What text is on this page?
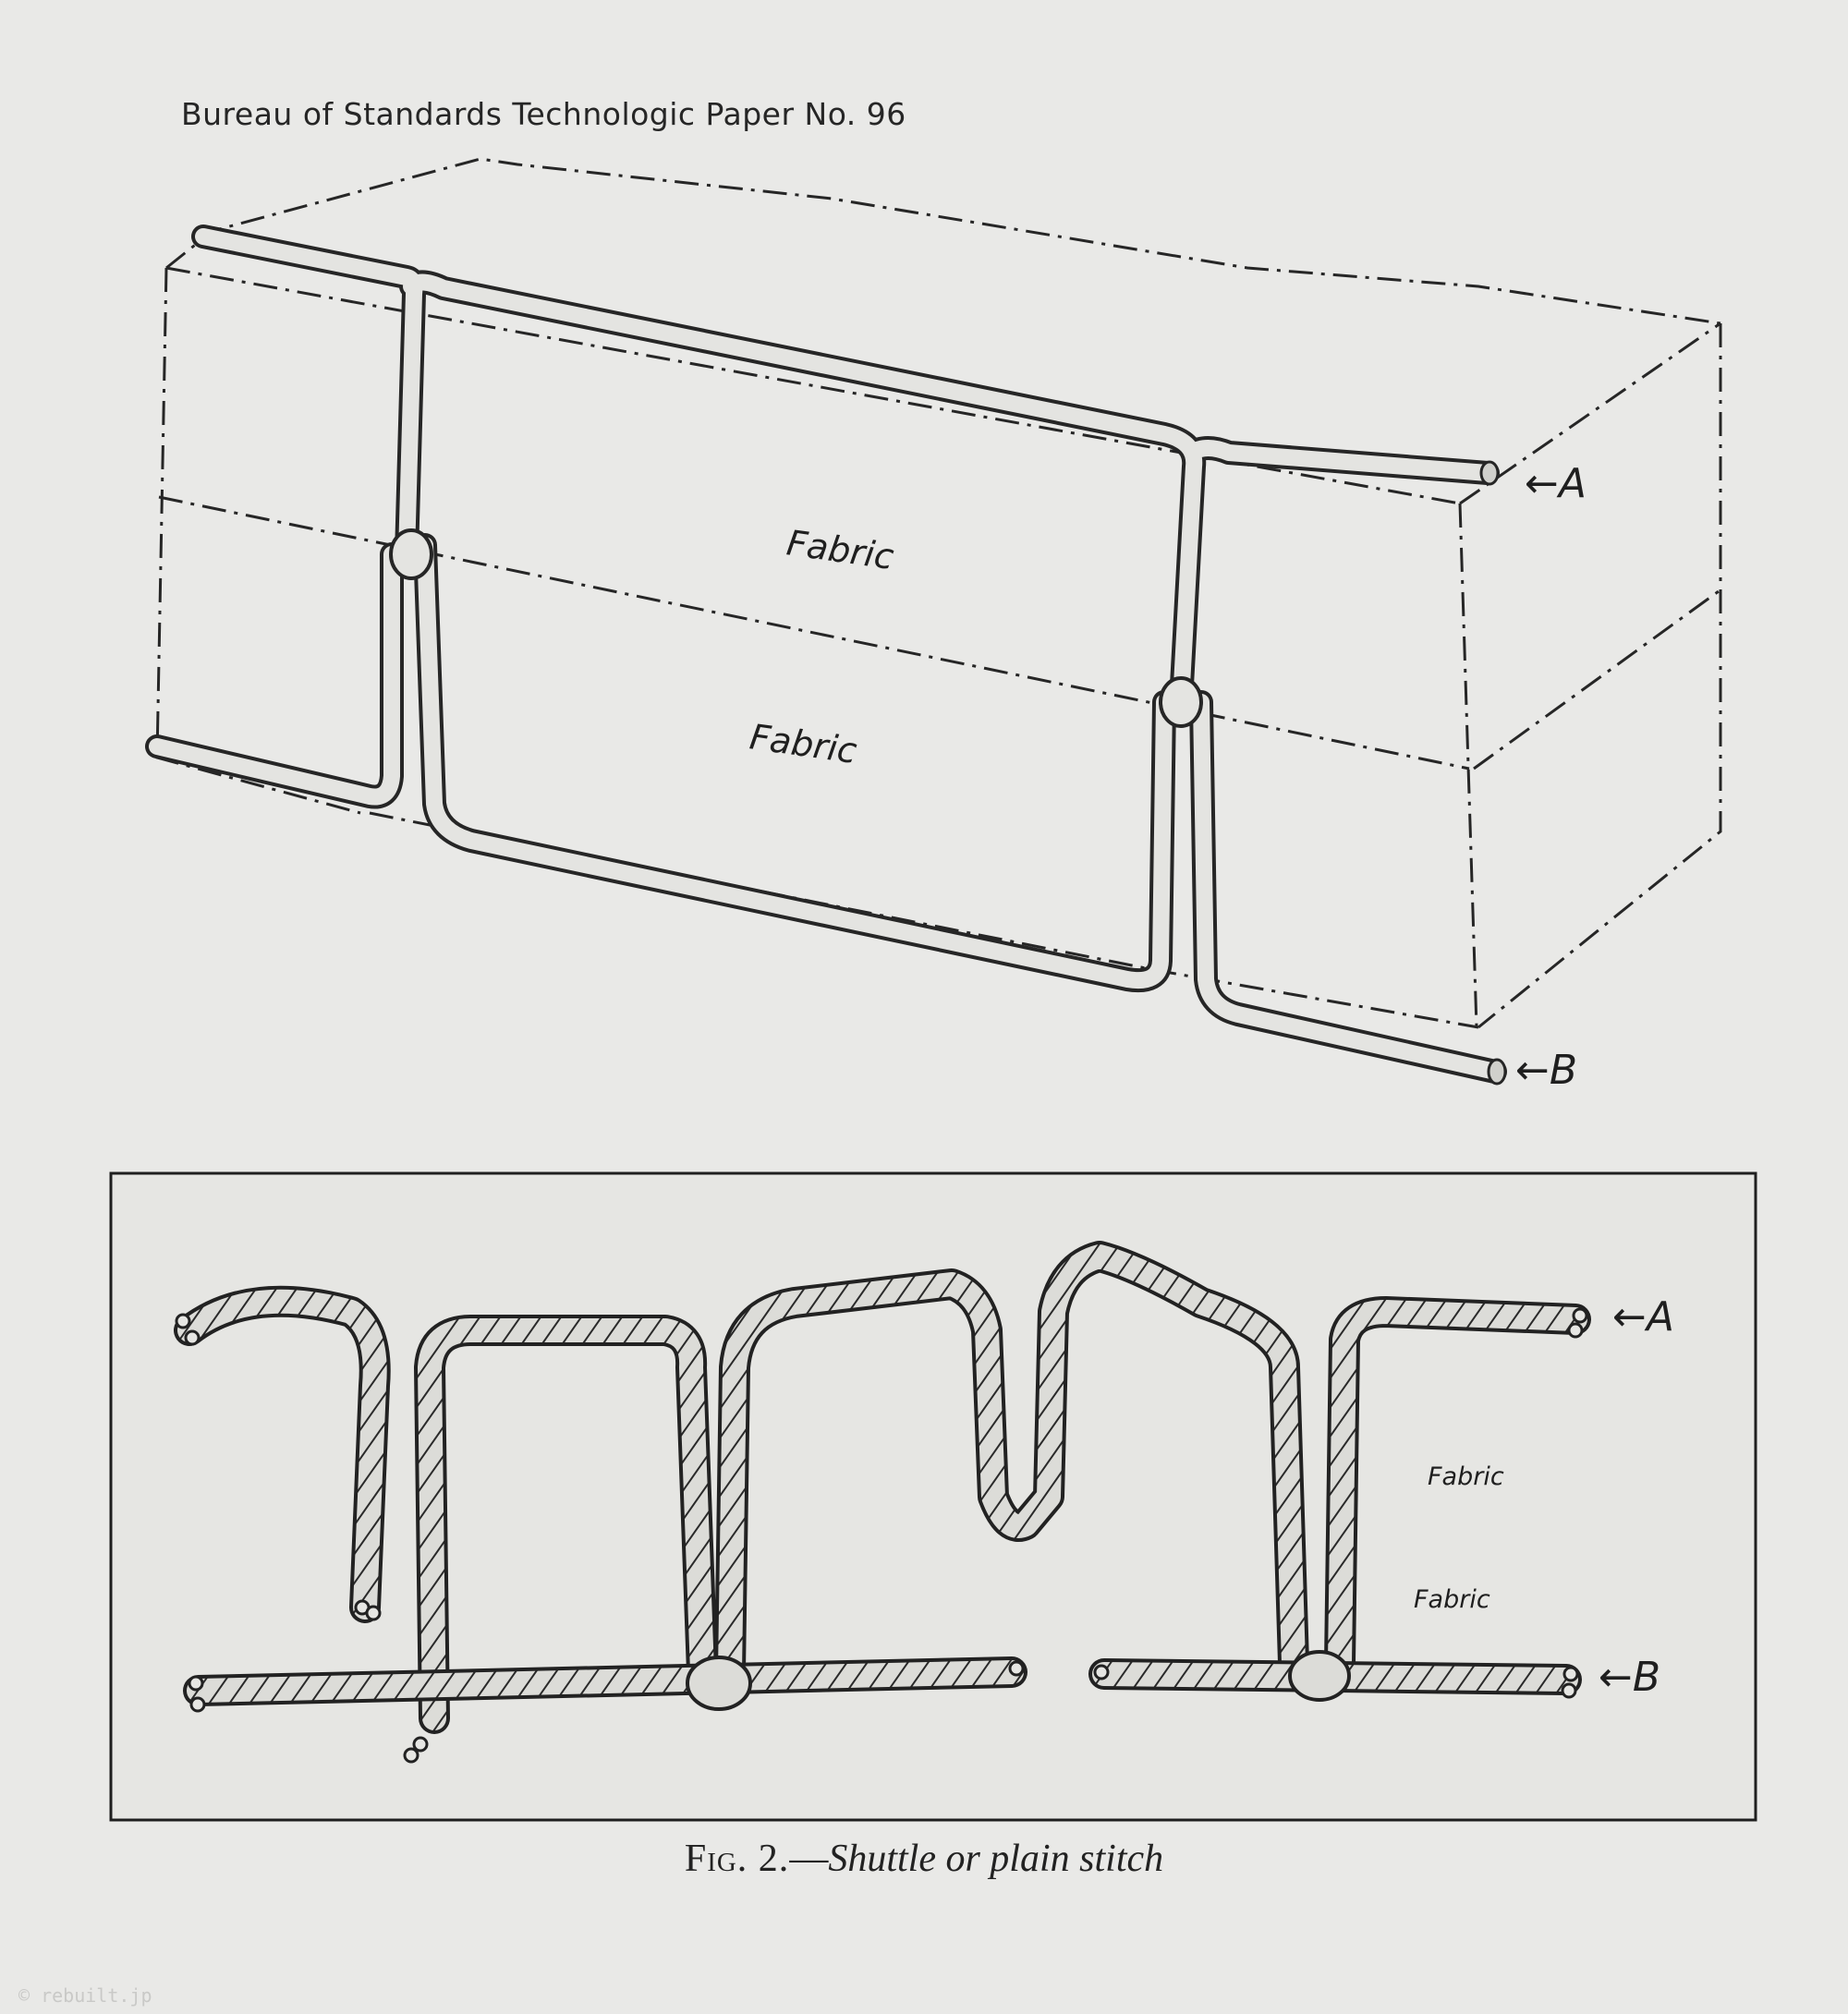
Bureau of Standards Technologic Paper No. 96
Fabric
Fabric
←A
←B
Fabric
Fabric
←A
←B
Fig. 2.—Shuttle or plain stitch
© rebuilt.jp
